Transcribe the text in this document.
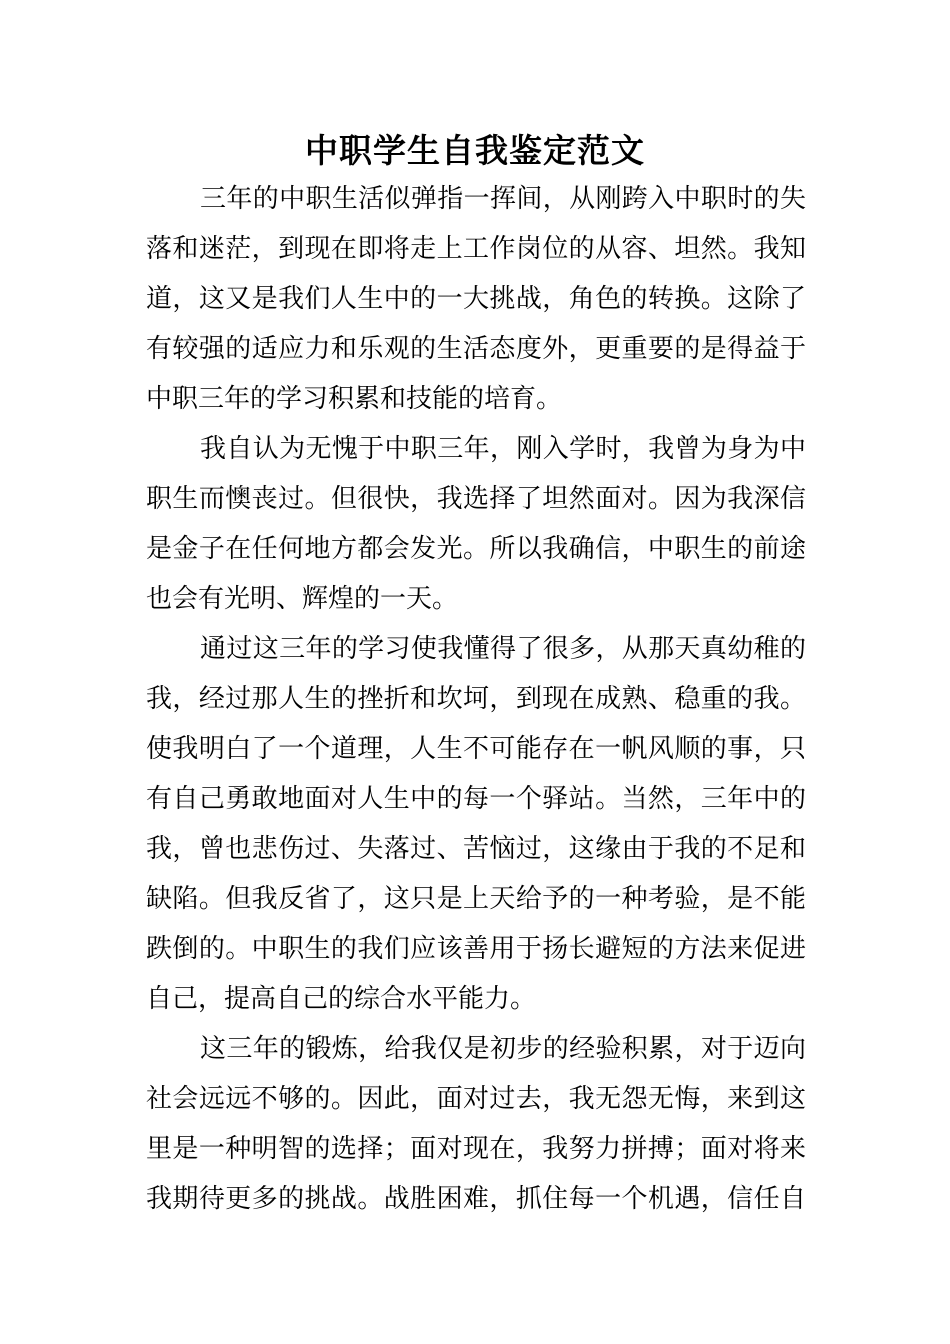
中职学生自我鉴定范文

三年的中职生活似弹指一挥间，从刚跨入中职时的失
落和迷茫，到现在即将走上工作岗位的从容、坦然。我知
道，这又是我们人生中的一大挑战，角色的转换。这除了
有较强的适应力和乐观的生活态度外，更重要的是得益于
中职三年的学习积累和技能的培育。

我自认为无愧于中职三年，刚入学时，我曾为身为中
职生而懊丧过。但很快，我选择了坦然面对。因为我深信
是金子在任何地方都会发光。所以我确信，中职生的前途
也会有光明、辉煌的一天。

通过这三年的学习使我懂得了很多，从那天真幼稚的
我，经过那人生的挫折和坎坷，到现在成熟、稳重的我。
使我明白了一个道理，人生不可能存在一帆风顺的事，只
有自己勇敢地面对人生中的每一个驿站。当然，三年中的
我，曾也悲伤过、失落过、苦恼过，这缘由于我的不足和
缺陷。但我反省了，这只是上天给予的一种考验，是不能
跌倒的。中职生的我们应该善用于扬长避短的方法来促进
自己，提高自己的综合水平能力。

这三年的锻炼，给我仅是初步的经验积累，对于迈向
社会远远不够的。因此，面对过去，我无怨无悔，来到这
里是一种明智的选择；面对现在，我努力拼搏；面对将来
我期待更多的挑战。战胜困难，抓住每一个机遇，信任自
